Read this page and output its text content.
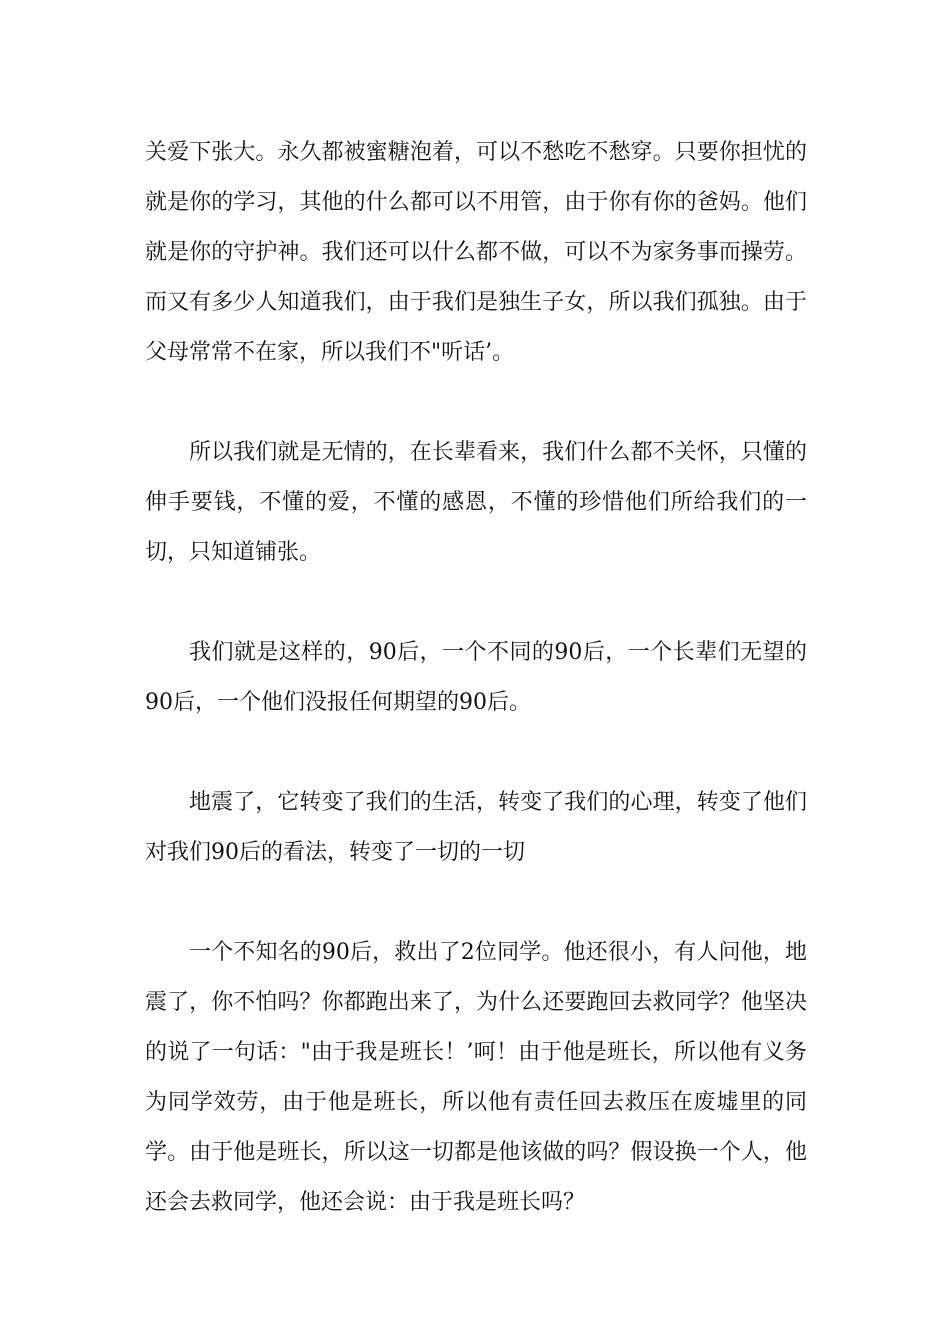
关爱下张大。永久都被蜜糖泡着，可以不愁吃不愁穿。只要你担忧的就是你的学习，其他的什么都可以不用管，由于你有你的爸妈。他们就是你的守护神。我们还可以什么都不做，可以不为家务事而操劳。而又有多少人知道我们，由于我们是独生子女，所以我们孤独。由于父母常常不在家，所以我们不"听话’。

所以我们就是无情的，在长辈看来，我们什么都不关怀，只懂的伸手要钱，不懂的爱，不懂的感恩，不懂的珍惜他们所给我们的一切，只知道铺张。

我们就是这样的，90后，一个不同的90后，一个长辈们无望的90后，一个他们没报任何期望的90后。

地震了，它转变了我们的生活，转变了我们的心理，转变了他们对我们90后的看法，转变了一切的一切

一个不知名的90后，救出了2位同学。他还很小，有人问他，地震了，你不怕吗？你都跑出来了，为什么还要跑回去救同学？他坚决的说了一句话："由于我是班长！’呵！由于他是班长，所以他有义务为同学效劳，由于他是班长，所以他有责任回去救压在废墟里的同学。由于他是班长，所以这一切都是他该做的吗？假设换一个人，他还会去救同学，他还会说：由于我是班长吗？
